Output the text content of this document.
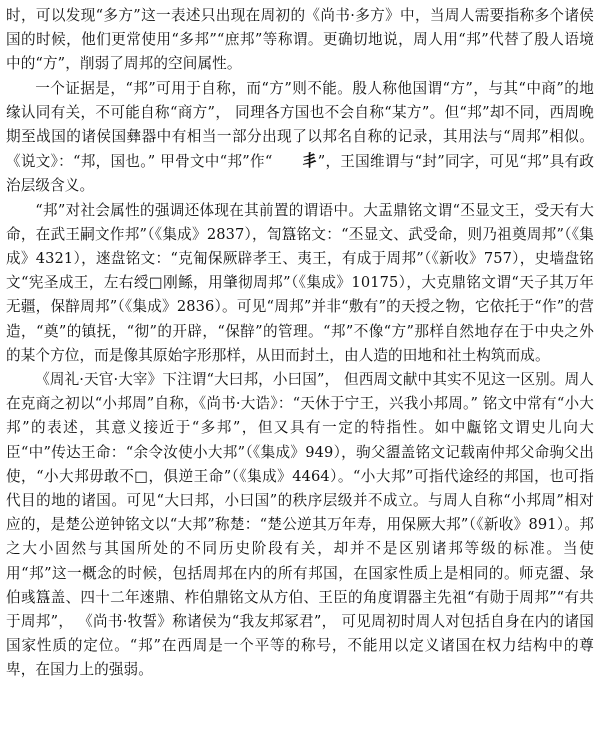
时，可以发现“多方”这一表述只出现在周初的《尚书·多方》中，当周人需要指称多个诸侯国的时候，他们更常使用“多邦”“庶邦”等称谓。更确切地说，周人用“邦”代替了殷人语境中的“方”，削弱了周邦的空间属性。

一个证据是，“邦”可用于自称，而“方”则不能。殷人称他国谓“方”，与其“中商”的地缘认同有关，不可能自称“商方”， 同理各方国也不会自称“某方”。但“邦”却不同，西周晚期至战国的诸侯国彝器中有相当一部分出现了以邦名自称的记录，其用法与“周邦”相似。《说文》：“邦，国也。” 甲骨文中“邦”作“ 丯”，王国维谓与“封”同字，可见“邦”具有政治层级含义。

“邦”对社会属性的强调还体现在其前置的谓语中。大盂鼎铭文谓“丕显文王，受天有大命，在武王嗣文作邦”（《集成》2837），訇簋铭文：“丕显文、武受命，则乃祖奠周邦”（《集成》4321），逨盘铭文：“克匍保厥辟孝王、夷王，有成于周邦”（《新收》757），史墙盘铭文“宪圣成王，左右绶□刚鲧，用肇彻周邦”（《集成》10175），大克鼎铭文谓“天子其万年无疆，保辥周邦”（《集成》2836）。可见“周邦”并非“敷有”的天授之物，它依托于“作”的营造，“奠”的镇抚，“彻”的开辟，“保辥”的管理。“邦”不像“方”那样自然地存在于中央之外的某个方位，而是像其原始字形那样，从田而封土，由人造的田地和社土构筑而成。

《周礼·天官·大宰》下注谓“大曰邦，小曰国”， 但西周文献中其实不见这一区别。周人在克商之初以“小邦周”自称，《尚书·大诰》：“天休于宁王，兴我小邦周。” 铭文中常有“小大邦”的表述，其意义接近于“多邦”，但又具有一定的特指性。如中甗铭文谓史儿向大臣“中”传达王命：“余令汝使小大邦”（《集成》949），驹父盨盖铭文记载南仲邦父命驹父出使，“小大邦毋敢不□，俱逆王命”（《集成》4464）。“小大邦”可指代途经的邦国，也可指代目的地的诸国。可见“大曰邦，小曰国”的秩序层级并不成立。与周人自称“小邦周”相对应的，是楚公逆钟铭文以“大邦”称楚：“楚公逆其万年寿，用保厥大邦”（《新收》891）。邦之大小固然与其国所处的不同历史阶段有关，却并不是区别诸邦等级的标准。当使用“邦”这一概念的时候，包括周邦在内的所有邦国，在国家性质上是相同的。师克盨、彔伯彧簋盖、四十二年逨鼎、柞伯鼎铭文从方伯、王臣的角度谓器主先祖“有勋于周邦”“有共于周邦”， 《尚书·牧誓》称诸侯为“我友邦冢君”， 可见周初时周人对包括自身在内的诸国国家性质的定位。“邦”在西周是一个平等的称号，不能用以定义诸国在权力结构中的尊卑，在国力上的强弱。
